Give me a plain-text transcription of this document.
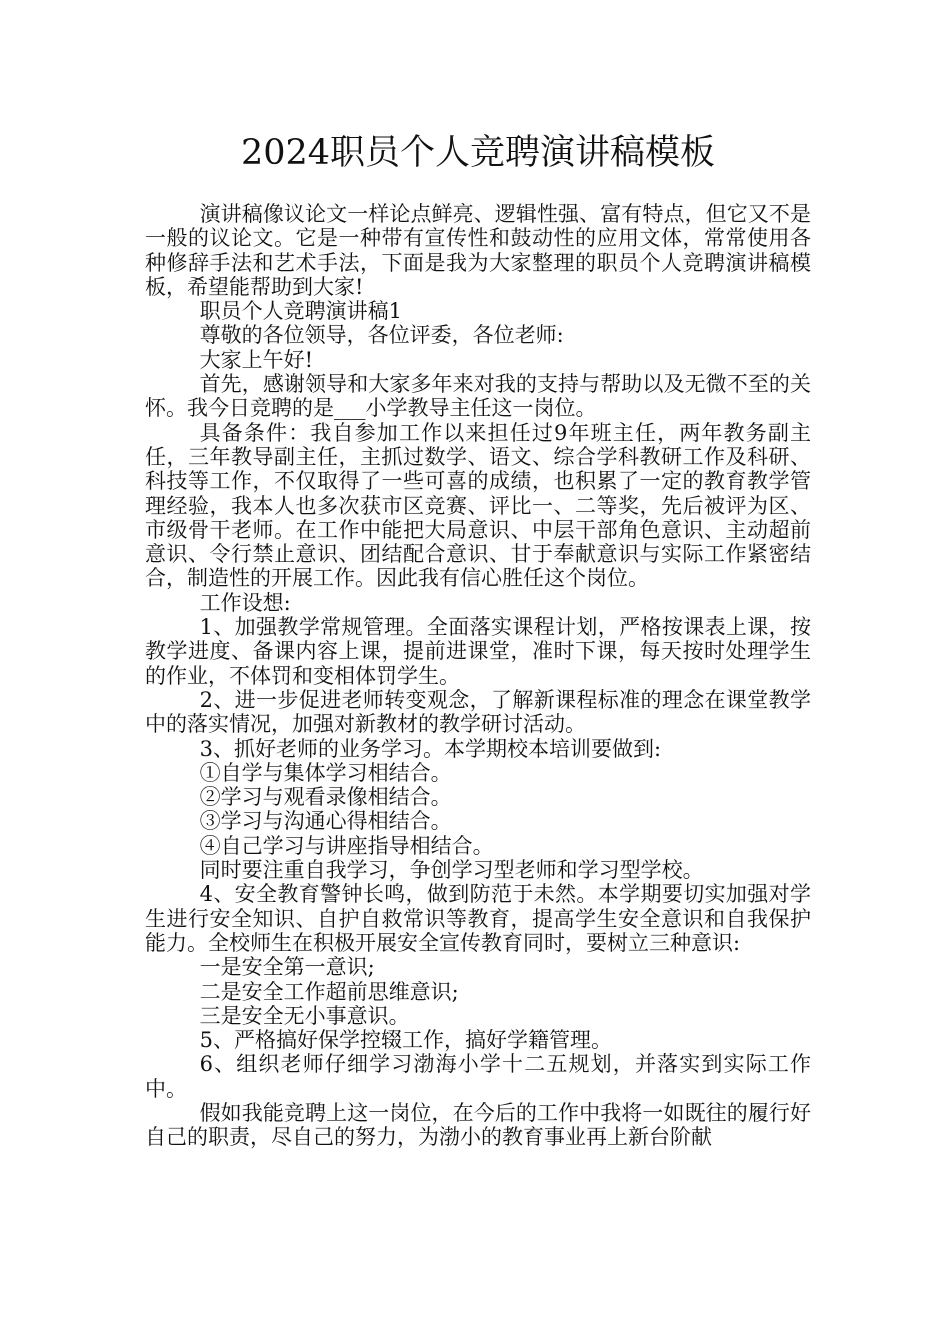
2024职员个人竞聘演讲稿模板

演讲稿像议论文一样论点鲜亮、逻辑性强、富有特点，但它又不是一般的议论文。它是一种带有宣传性和鼓动性的应用文体，常常使用各种修辞手法和艺术手法，下面是我为大家整理的职员个人竞聘演讲稿模板，希望能帮助到大家!

职员个人竞聘演讲稿1

尊敬的各位领导，各位评委，各位老师:

大家上午好!

首先，感谢领导和大家多年来对我的支持与帮助以及无微不至的关怀。我今日竞聘的是___小学教导主任这一岗位。

具备条件：我自参加工作以来担任过9年班主任，两年教务副主任，三年教导副主任，主抓过数学、语文、综合学科教研工作及科研、科技等工作，不仅取得了一些可喜的成绩，也积累了一定的教育教学管理经验，我本人也多次获市区竞赛、评比一、二等奖，先后被评为区、市级骨干老师。在工作中能把大局意识、中层干部角色意识、主动超前意识、令行禁止意识、团结配合意识、甘于奉献意识与实际工作紧密结合，制造性的开展工作。因此我有信心胜任这个岗位。

工作设想:

1、加强教学常规管理。全面落实课程计划，严格按课表上课，按教学进度、备课内容上课，提前进课堂，准时下课，每天按时处理学生的作业，不体罚和变相体罚学生。

2、进一步促进老师转变观念，了解新课程标准的理念在课堂教学中的落实情况，加强对新教材的教学研讨活动。

3、抓好老师的业务学习。本学期校本培训要做到:

①自学与集体学习相结合。

②学习与观看录像相结合。

③学习与沟通心得相结合。

④自己学习与讲座指导相结合。

同时要注重自我学习，争创学习型老师和学习型学校。

4、安全教育警钟长鸣，做到防范于未然。本学期要切实加强对学生进行安全知识、自护自救常识等教育，提高学生安全意识和自我保护能力。全校师生在积极开展安全宣传教育同时，要树立三种意识:

一是安全第一意识;

二是安全工作超前思维意识;

三是安全无小事意识。

5、严格搞好保学控辍工作，搞好学籍管理。

6、组织老师仔细学习渤海小学十二五规划，并落实到实际工作中。

假如我能竞聘上这一岗位，在今后的工作中我将一如既往的履行好自己的职责，尽自己的努力，为渤小的教育事业再上新台阶献
